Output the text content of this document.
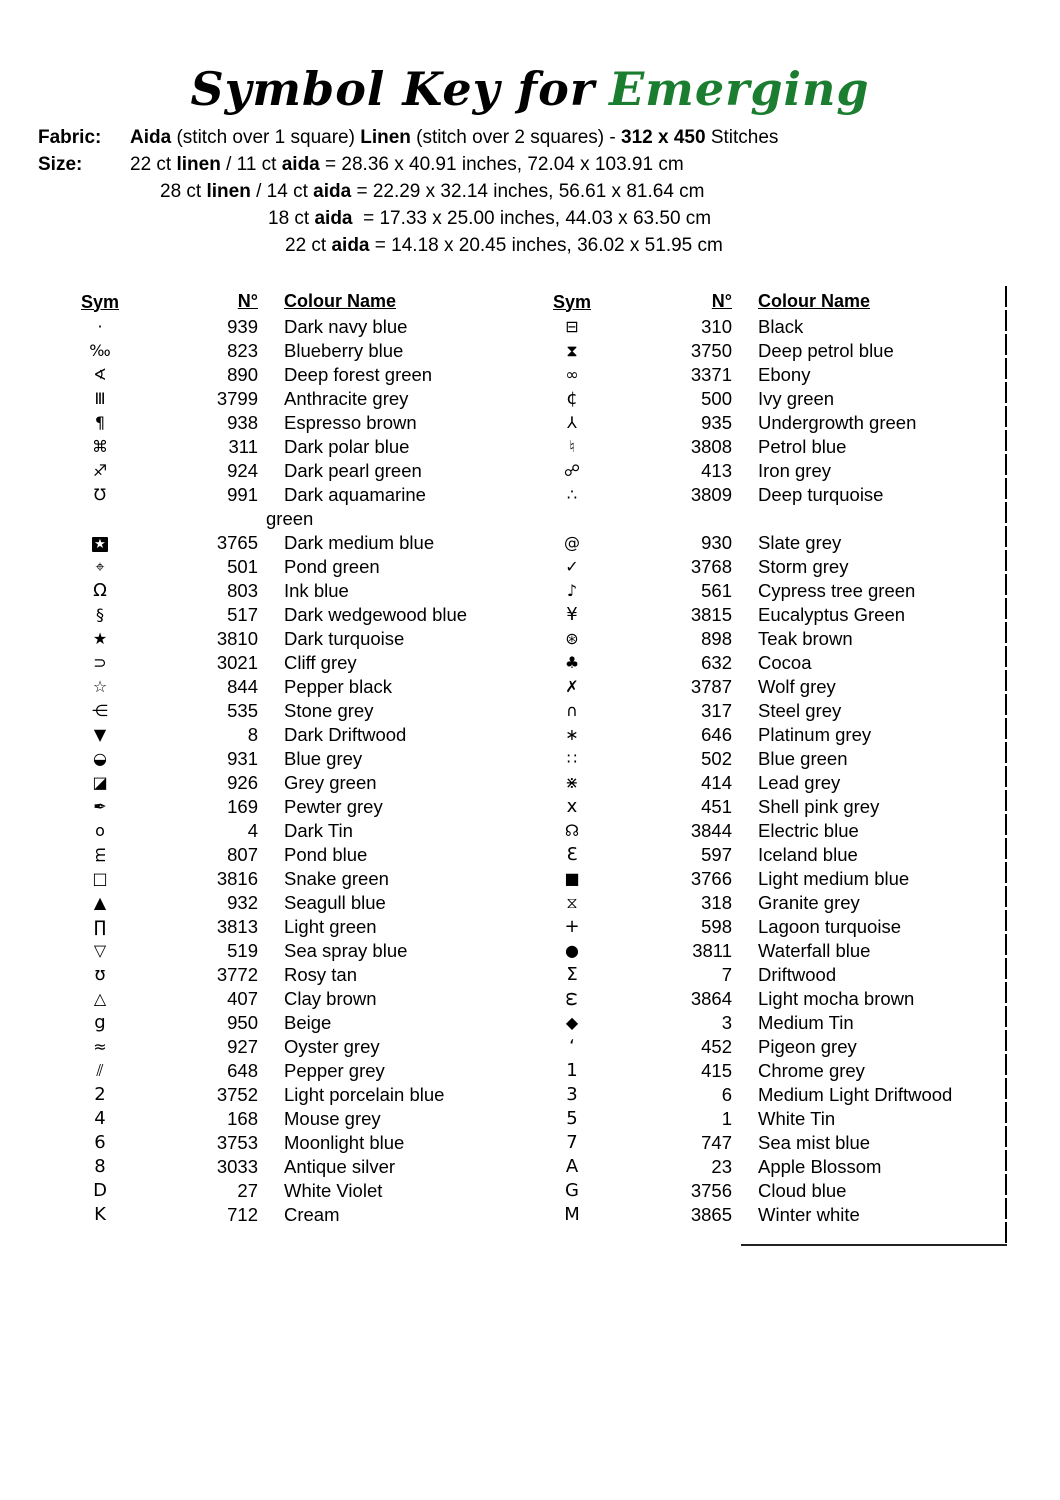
Symbol Key for Emerging
Fabric: Aida (stitch over 1 square) Linen (stitch over 2 squares) - 312 x 450 Stitches
Size:	22 ct linen / 11 ct aida = 28.36 x 40.91 inches, 72.04 x 103.91 cm
28 ct linen / 14 ct aida = 22.29 x 32.14 inches, 56.61 x 81.64 cm
18 ct aida  = 17.33 x 25.00 inches, 44.03 x 63.50 cm
22 ct aida = 14.18 x 20.45 inches, 36.02 x 51.95 cm
Sym	N°	Colour Name
·	939	Dark navy blue
‰	823	Blueberry blue
∢	890	Deep forest green
Ⅲ	3799	Anthracite grey
¶	938	Espresso brown
⌘	311	Dark polar blue
♐	924	Dark pearl green
℧	991	Dark aquamarine
green
★	3765	Dark medium blue
⌖	501	Pond green
Ω	803	Ink blue
§	517	Dark wedgewood blue
★	3810	Dark turquoise
⊃	3021	Cliff grey
☆	844	Pepper black
⋲	535	Stone grey
▼	8	Dark Driftwood
◒	931	Blue grey
◪	926	Grey green
✒	169	Pewter grey
o	4	Dark Tin
m	807	Pond blue
□	3816	Snake green
▲	932	Seagull blue
∏	3813	Light green
▽	519	Sea spray blue
ʊ	3772	Rosy tan
△	407	Clay brown
g	950	Beige
≈	927	Oyster grey
⫽	648	Pepper grey
2	3752	Light porcelain blue
4	168	Mouse grey
6	3753	Moonlight blue
8	3033	Antique silver
D	27	White Violet
K	712	Cream
Sym	N°	Colour Name
⊟	310	Black
⧗	3750	Deep petrol blue
∞	3371	Ebony
¢	500	Ivy green
⅄	935	Undergrowth green
♮	3808	Petrol blue
☍	413	Iron grey
∴	3809	Deep turquoise
@	930	Slate grey
✓	3768	Storm grey
♪	561	Cypress tree green
¥	3815	Eucalyptus Green
⊛	898	Teak brown
♣	632	Cocoa
✗	3787	Wolf grey
∩	317	Steel grey
∗	646	Platinum grey
∷	502	Blue green
⋇	414	Lead grey
x	451	Shell pink grey
☊	3844	Electric blue
Ɛ	597	Iceland blue
■	3766	Light medium blue
⧖	318	Granite grey
+	598	Lagoon turquoise
●	3811	Waterfall blue
Σ	7	Driftwood
ω	3864	Light mocha brown
◆	3	Medium Tin
ʻ	452	Pigeon grey
1	415	Chrome grey
3	6	Medium Light Driftwood
5	1	White Tin
7	747	Sea mist blue
A	23	Apple Blossom
G	3756	Cloud blue
M	3865	Winter white
